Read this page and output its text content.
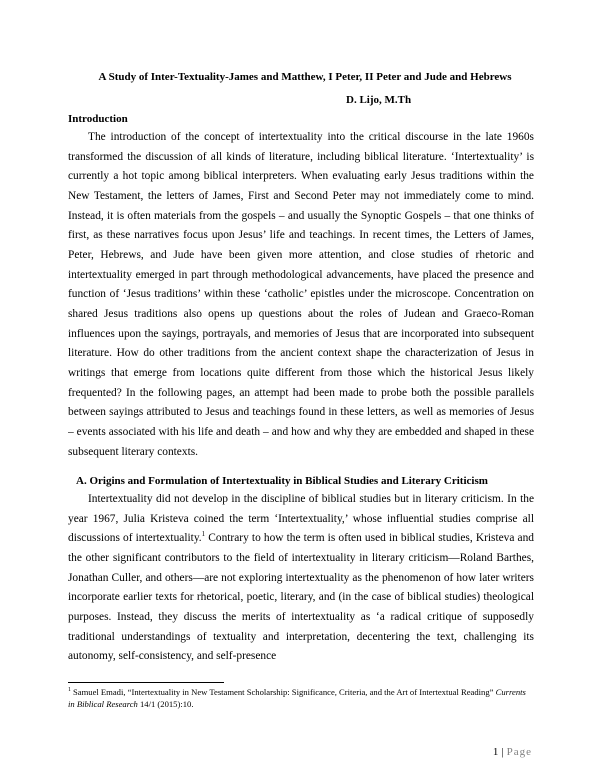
A Study of Inter-Textuality-James and Matthew, I Peter, II Peter and Jude and Hebrews
D. Lijo, M.Th
Introduction

The introduction of the concept of intertextuality into the critical discourse in the late 1960s transformed the discussion of all kinds of literature, including biblical literature. ‘Intertextuality’ is currently a hot topic among biblical interpreters. When evaluating early Jesus traditions within the New Testament, the letters of James, First and Second Peter may not immediately come to mind. Instead, it is often materials from the gospels – and usually the Synoptic Gospels – that one thinks of first, as these narratives focus upon Jesus’ life and teachings. In recent times, the Letters of James, Peter, Hebrews, and Jude have been given more attention, and close studies of rhetoric and intertextuality emerged in part through methodological advancements, have placed the presence and function of ‘Jesus traditions’ within these ‘catholic’ epistles under the microscope. Concentration on shared Jesus traditions also opens up questions about the roles of Judean and Graeco-Roman influences upon the sayings, portrayals, and memories of Jesus that are incorporated into subsequent literature. How do other traditions from the ancient context shape the characterization of Jesus in writings that emerge from locations quite different from those which the historical Jesus likely frequented? In the following pages, an attempt had been made to probe both the possible parallels between sayings attributed to Jesus and teachings found in these letters, as well as memories of Jesus – events associated with his life and death – and how and why they are embedded and shaped in these subsequent literary contexts.

A. Origins and Formulation of Intertextuality in Biblical Studies and Literary Criticism

Intertextuality did not develop in the discipline of biblical studies but in literary criticism. In the year 1967, Julia Kristeva coined the term ‘Intertextuality,’ whose influential studies comprise all discussions of intertextuality.$^1$ Contrary to how the term is often used in biblical studies, Kristeva and the other significant contributors to the field of intertextuality in literary criticism—Roland Barthes, Jonathan Culler, and others—are not exploring intertextuality as the phenomenon of how later writers incorporate earlier texts for rhetorical, poetic, literary, and (in the case of biblical studies) theological purposes. Instead, they discuss the merits of intertextuality as ‘a radical critique of supposedly traditional understandings of textuality and interpretation, decentering the text, challenging its autonomy, self-consistency, and self-presence

$^1$ Samuel Emadi, “Intertextuality in New Testament Scholarship: Significance, Criteria, and the Art of Intertextual Reading” Currents in Biblical Research 14/1 (2015):10.

1 | Page
